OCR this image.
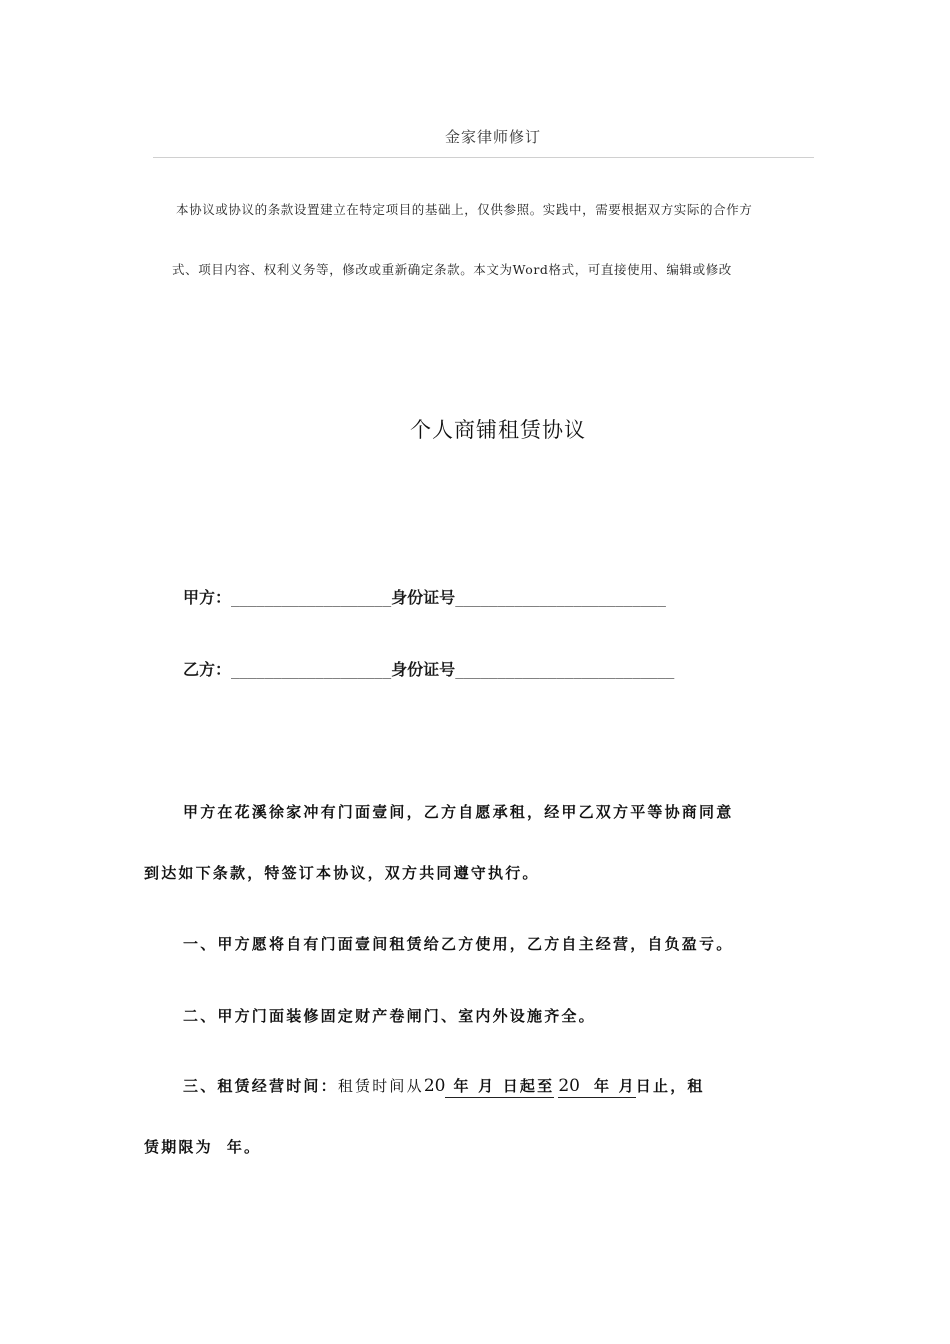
金家律师修订
本协议或协议的条款设置建立在特定项目的基础上，仅供参照。实践中，需要根据双方实际的合作方
式、项目内容、权利义务等，修改或重新确定条款。本文为Word格式，可直接使用、编辑或修改
个人商铺租赁协议
甲方：___________________身份证号_________________________
乙方：___________________身份证号__________________________
甲方在花溪徐家冲有门面壹间，乙方自愿承租，经甲乙双方平等协商同意
到达如下条款，特签订本协议，双方共同遵守执行。
一、甲方愿将自有门面壹间租赁给乙方使用，乙方自主经营，自负盈亏。
二、甲方门面装修固定财产卷闸门、室内外设施齐全。
三、租赁经营时间：租赁时间从20 年 月 日起至 20 年 月日止，租
赁期限为 年。
